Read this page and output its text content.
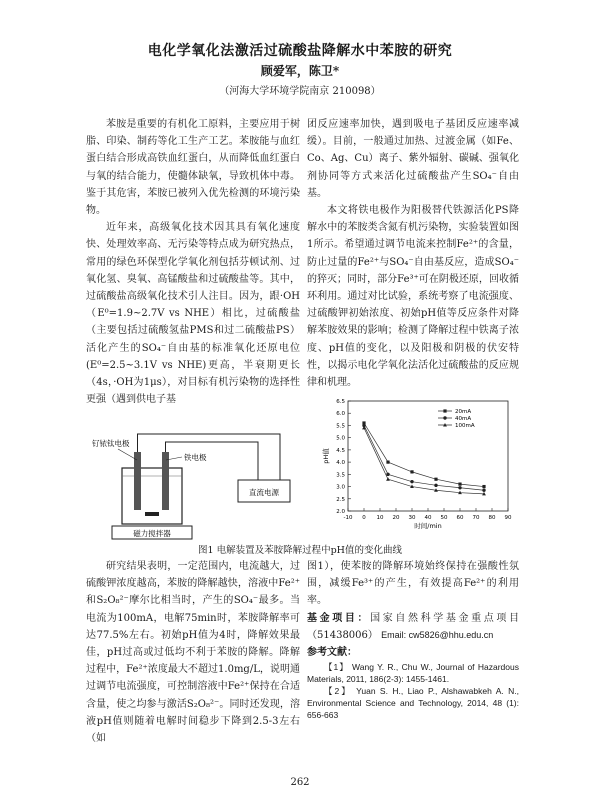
电化学氧化法激活过硫酸盐降解水中苯胺的研究
顾爱军，陈卫*
（河海大学环境学院南京 210098）

苯胺是重要的有机化工原料，主要应用于树脂、印染、制药等化工生产工艺。苯胺能与血红蛋白结合形成高铁血红蛋白，从而降低血红蛋白与氧的结合能力，使髓体缺氧，导致机体中毒。鉴于其危害，苯胺已被列入优先检测的环境污染物。

近年来，高级氧化技术因其具有氧化速度快、处理效率高、无污染等特点成为研究热点，常用的绿色环保型化学氧化剂包括芬顿试剂、过氧化氢、臭氧、高锰酸盐和过硫酸盐等。其中，过硫酸盐高级氧化技术引人注目。因为，跟·OH（E⁰=1.9~2.7V vs NHE）相比，过硫酸盐（主要包括过硫酸氢盐PMS和过二硫酸盐PS）活化产生的SO₄⁻自由基的标准氧化还原电位(E⁰=2.5~3.1V vs NHE)更高，半衰期更长（4s，·OH为1μs），对目标有机污染物的选择性更强（遇到供电子基

团反应速率加快，遇到吸电子基团反应速率减缓）。目前，一般通过加热、过渡金属（如Fe、Co、Ag、Cu）离子、紫外辐射、碳碱、强氧化剂协同等方式来活化过硫酸盐产生SO₄⁻自由基。

本文将铁电极作为阳极替代铁源活化PS降解水中的苯胺类含氮有机污染物，实验装置如图1所示。希望通过调节电流来控制Fe²⁺的含量，防止过量的Fe²⁺与SO₄⁻自由基反应，造成SO₄⁻的猝灭；同时，部分Fe³⁺可在阴极还原，回收循环利用。通过对比试验，系统考察了电流强度、过硫酸钾初始浓度、初始pH值等反应条件对降解苯胺效果的影响；检测了降解过程中铁离子浓度、pH值的变化，以及阳极和阴极的伏安特性，以揭示电化学氧化法活化过硫酸盐的反应规律和机理。

磁力搅拌器
直流电源
钌铱钛电极
铁电极
-10 0 10 20 30 40 50 60 70 80 90
2.0
2.5
3.0
3.5
4.0
4.5
5.0
5.5
6.0
6.5
时间/min
pH值
20mA
40mA
100mA
图1 电解装置及苯胺降解过程中pH值的变化曲线

研究结果表明，一定范围内，电流越大，过硫酸钾浓度越高，苯胺的降解越快，溶液中Fe²⁺和S₂O₈²⁻摩尔比相当时，产生的SO₄⁻最多。当电流为100mA，电解75min时，苯胺降解率可达77.5%左右。初始pH值为4时，降解效果最佳，pH过高或过低均不利于苯胺的降解。降解过程中，Fe²⁺浓度最大不超过1.0mg/L，说明通过调节电流强度，可控制溶液中Fe²⁺保持在合适含量，使之均参与激活S₂O₈²⁻。同时还发现，溶液pH值则随着电解时间稳步下降到2.5-3左右（如

图1），使苯胺的降解环境始终保持在强酸性氛围，减缓Fe³⁺的产生，有效提高Fe²⁺的利用率。

基金项目：国家自然科学基金重点项目（51438006） Email: cw5826@hhu.edu.cn

参考文献：

【1】 Wang Y. R., Chu W., Journal of Hazardous Materials, 2011, 186(2-3): 1455-1461.

【2】 Yuan S. H., Liao P., Alshawabkeh A. N., Environmental Science and Technology, 2014, 48 (1): 656-663

262
